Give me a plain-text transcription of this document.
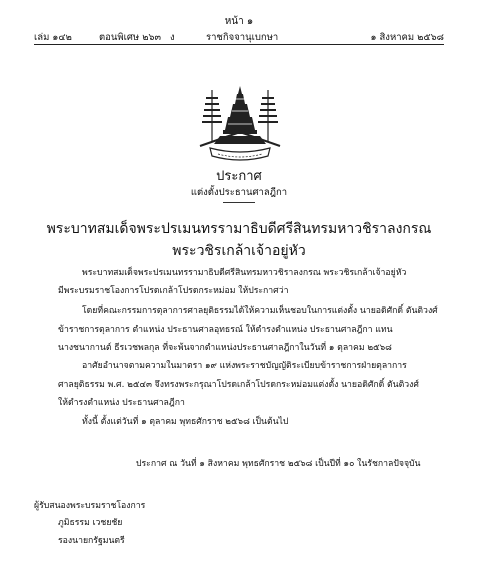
หน้า ๑
เล่ม ๑๔๒	ตอนพิเศษ ๒๖๓ ง	ราชกิจจานุเบกษา	๑ สิงหาคม ๒๕๖๘
ประกาศ
แต่งตั้งประธานศาลฎีกา
พระบาทสมเด็จพระปรเมนทรรามาธิบดีศรีสินทรมหาวชิราลงกรณ
พระวชิรเกล้าเจ้าอยู่หัว
พระบาทสมเด็จพระปรเมนทรรามาธิบดีศรีสินทรมหาวชิราลงกรณ พระวชิรเกล้าเจ้าอยู่หัว
มีพระบรมราชโองการโปรดเกล้าโปรดกระหม่อม ให้ประกาศว่า
โดยที่คณะกรรมการตุลาการศาลยุติธรรมได้ให้ความเห็นชอบในการแต่งตั้ง นายอดิศักดิ์ ตันติวงศ์
ข้าราชการตุลาการ ตำแหน่ง ประธานศาลอุทธรณ์ ให้ดำรงตำแหน่ง ประธานศาลฎีกา แทน
นางชนากานต์ ธีรเวชพลกุล ที่จะพ้นจากตำแหน่งประธานศาลฎีกาในวันที่ ๑ ตุลาคม ๒๕๖๘
อาศัยอำนาจตามความในมาตรา ๑๙ แห่งพระราชบัญญัติระเบียบข้าราชการฝ่ายตุลาการ
ศาลยุติธรรม พ.ศ. ๒๕๔๓ จึงทรงพระกรุณาโปรดเกล้าโปรดกระหม่อมแต่งตั้ง นายอดิศักดิ์ ตันติวงศ์
ให้ดำรงตำแหน่ง ประธานศาลฎีกา
ทั้งนี้ ตั้งแต่วันที่ ๑ ตุลาคม พุทธศักราช ๒๕๖๘ เป็นต้นไป
ประกาศ ณ วันที่ ๑ สิงหาคม พุทธศักราช ๒๕๖๘ เป็นปีที่ ๑๐ ในรัชกาลปัจจุบัน
ผู้รับสนองพระบรมราชโองการ
ภูมิธรรม เวชยชัย
รองนายกรัฐมนตรี
